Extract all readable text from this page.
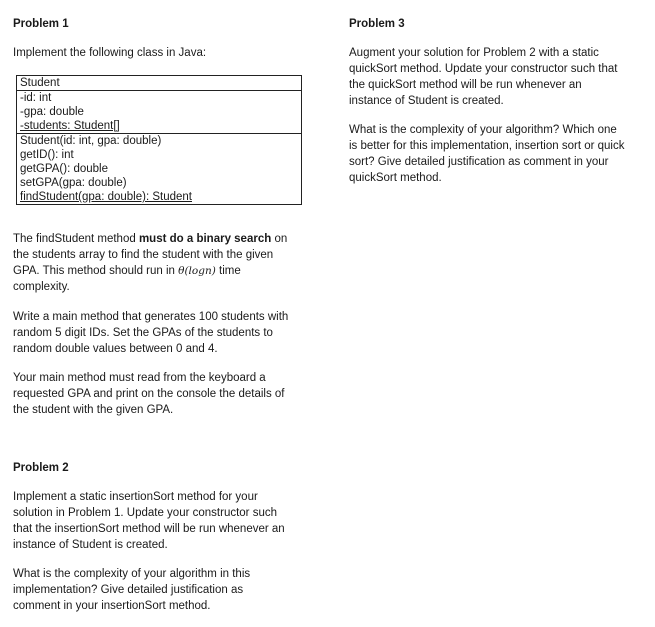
Problem 1
Implement the following class in Java:
Student
-id: int
-gpa: double
-students: Student[]
Student(id: int, gpa: double)
getID(): int
getGPA(): double
setGPA(gpa: double)
findStudent(gpa: double): Student
The findStudent method must do a binary search on
the students array to find the student with the given
GPA. This method should run in θ(logn) time
complexity.
Write a main method that generates 100 students with
random 5 digit IDs. Set the GPAs of the students to
random double values between 0 and 4.
Your main method must read from the keyboard a
requested GPA and print on the console the details of
the student with the given GPA.
Problem 2
Implement a static insertionSort method for your
solution in Problem 1. Update your constructor such
that the insertionSort method will be run whenever an
instance of Student is created.
What is the complexity of your algorithm in this
implementation? Give detailed justification as
comment in your insertionSort method.
Problem 3
Augment your solution for Problem 2 with a static
quickSort method. Update your constructor such that
the quickSort method will be run whenever an
instance of Student is created.
What is the complexity of your algorithm? Which one
is better for this implementation, insertion sort or quick
sort? Give detailed justification as comment in your
quickSort method.
